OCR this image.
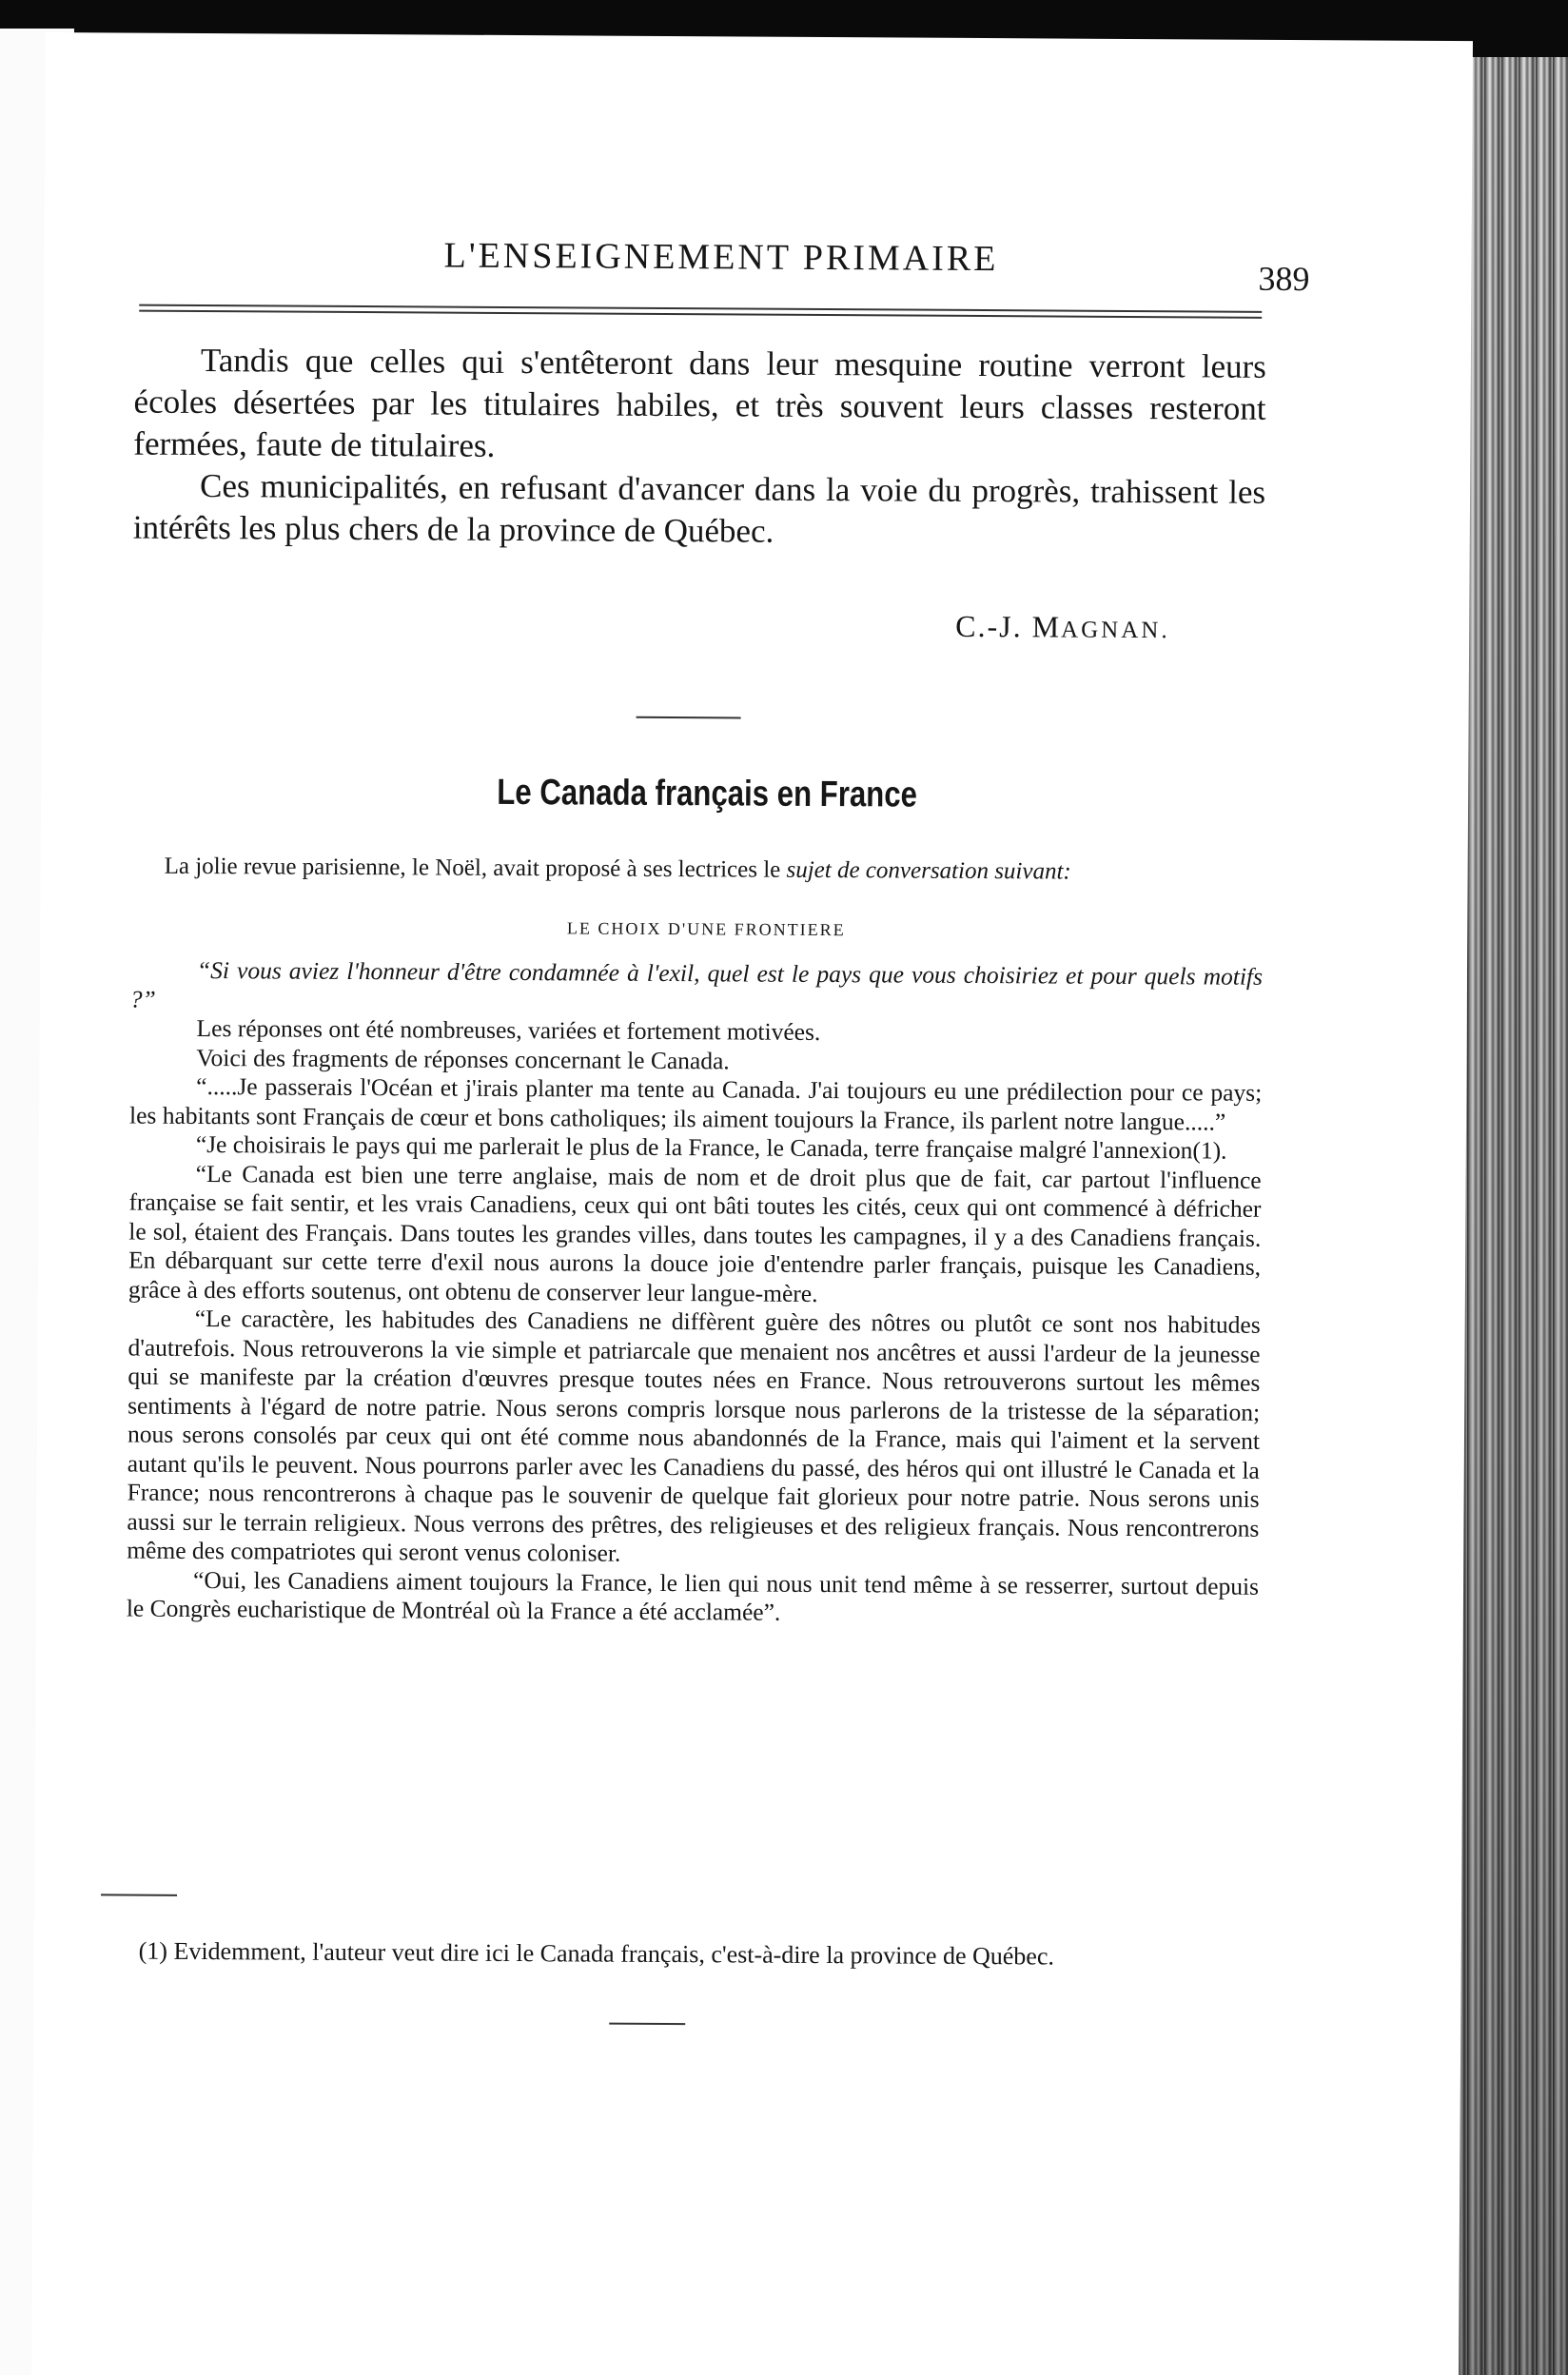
L'ENSEIGNEMENT PRIMAIRE	389

Tandis que celles qui s'entêteront dans leur mesquine routine verront leurs écoles désertées par les titulaires habiles, et très souvent leurs classes resteront fermées, faute de titulaires.

Ces municipalités, en refusant d'avancer dans la voie du progrès, trahissent les intérêts les plus chers de la province de Québec.

C.-J. MAGNAN.
Le Canada français en France
La jolie revue parisienne, le Noël, avait proposé à ses lectrices le sujet de conversation suivant:
LE CHOIX D'UNE FRONTIERE

“Si vous aviez l'honneur d'être condamnée à l'exil, quel est le pays que vous choisiriez et pour quels motifs ?”

Les réponses ont été nombreuses, variées et fortement motivées.

Voici des fragments de réponses concernant le Canada.

“.....Je passerais l'Océan et j'irais planter ma tente au Canada. J'ai toujours eu une prédilection pour ce pays; les habitants sont Français de cœur et bons catholiques; ils aiment toujours la France, ils parlent notre langue.....”

“Je choisirais le pays qui me parlerait le plus de la France, le Canada, terre française malgré l'annexion(1).

“Le Canada est bien une terre anglaise, mais de nom et de droit plus que de fait, car partout l'influence française se fait sentir, et les vrais Canadiens, ceux qui ont bâti toutes les cités, ceux qui ont commencé à défricher le sol, étaient des Français. Dans toutes les grandes villes, dans toutes les campagnes, il y a des Canadiens français. En débarquant sur cette terre d'exil nous aurons la douce joie d'entendre parler français, puisque les Canadiens, grâce à des efforts soutenus, ont obtenu de conserver leur langue-mère.

“Le caractère, les habitudes des Canadiens ne diffèrent guère des nôtres ou plutôt ce sont nos habitudes d'autrefois. Nous retrouverons la vie simple et patriarcale que menaient nos ancêtres et aussi l'ardeur de la jeunesse qui se manifeste par la création d'œuvres presque toutes nées en France. Nous retrouverons surtout les mêmes sentiments à l'égard de notre patrie. Nous serons compris lorsque nous parlerons de la tristesse de la séparation; nous serons consolés par ceux qui ont été comme nous abandonnés de la France, mais qui l'aiment et la servent autant qu'ils le peuvent. Nous pourrons parler avec les Canadiens du passé, des héros qui ont illustré le Canada et la France; nous rencontrerons à chaque pas le souvenir de quelque fait glorieux pour notre patrie. Nous serons unis aussi sur le terrain religieux. Nous verrons des prêtres, des religieuses et des religieux français. Nous rencontrerons même des compatriotes qui seront venus coloniser.

“Oui, les Canadiens aiment toujours la France, le lien qui nous unit tend même à se resserrer, surtout depuis le Congrès eucharistique de Montréal où la France a été acclamée”.

(1) Evidemment, l'auteur veut dire ici le Canada français, c'est-à-dire la province de Québec.
